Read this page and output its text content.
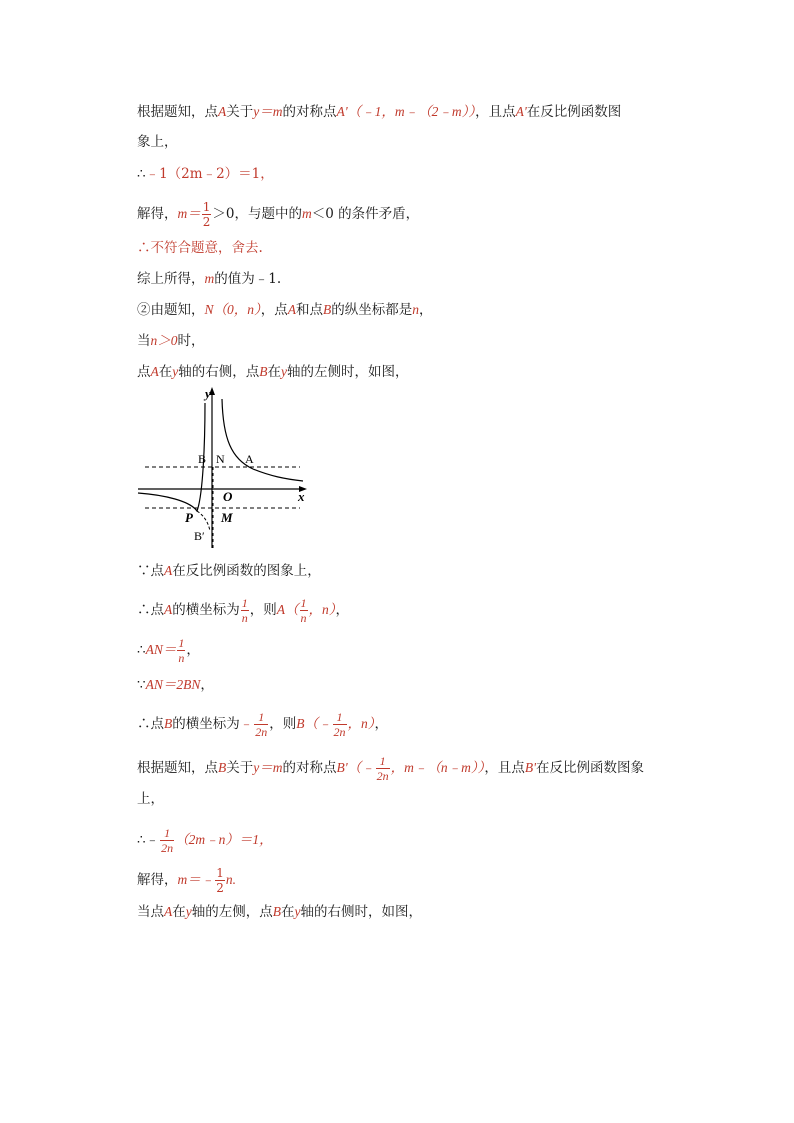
根据题知，点A关于y＝m的对称点A'（﹣1，m﹣（2﹣m）），且点A'在反比例函数图
象上，
∴﹣1（2m﹣2）＝1，
解得，$m= \frac{1}{2} >0$，与题中的m＜0 的条件矛盾，
∴不符合题意，舍去.
综上所得，m的值为﹣1.
②由题知，N（0，n），点A和点B的纵坐标都是n，
当n＞0时，
点A在y轴的右侧，点B在y轴的左侧时，如图，
y
x
O
B N A
P M
B′
∵点A在反比例函数的图象上，
∴点A的横坐标为 $\frac{1}{n}$ ，则$A( \frac{1}{n}$ ，n），
∴AN＝ $\frac{1}{n}$ ，
∵AN＝2BN，
∴点B的横坐标为﹣ $\frac{1}{2n}$ ，则B（﹣ $\frac{1}{2n}$ ，n），
根据题知，点B关于y＝m的对称点B'（﹣ $\frac{1}{2n}$ ，m﹣（n﹣m）），且点B'在反比例函数图象
上，
∴﹣ $\frac{1}{2n}$ （2m﹣n）＝1，
解得，m＝﹣ $\frac{1}{2} n$.
当点A在y轴的左侧，点B在y轴的右侧时，如图，
